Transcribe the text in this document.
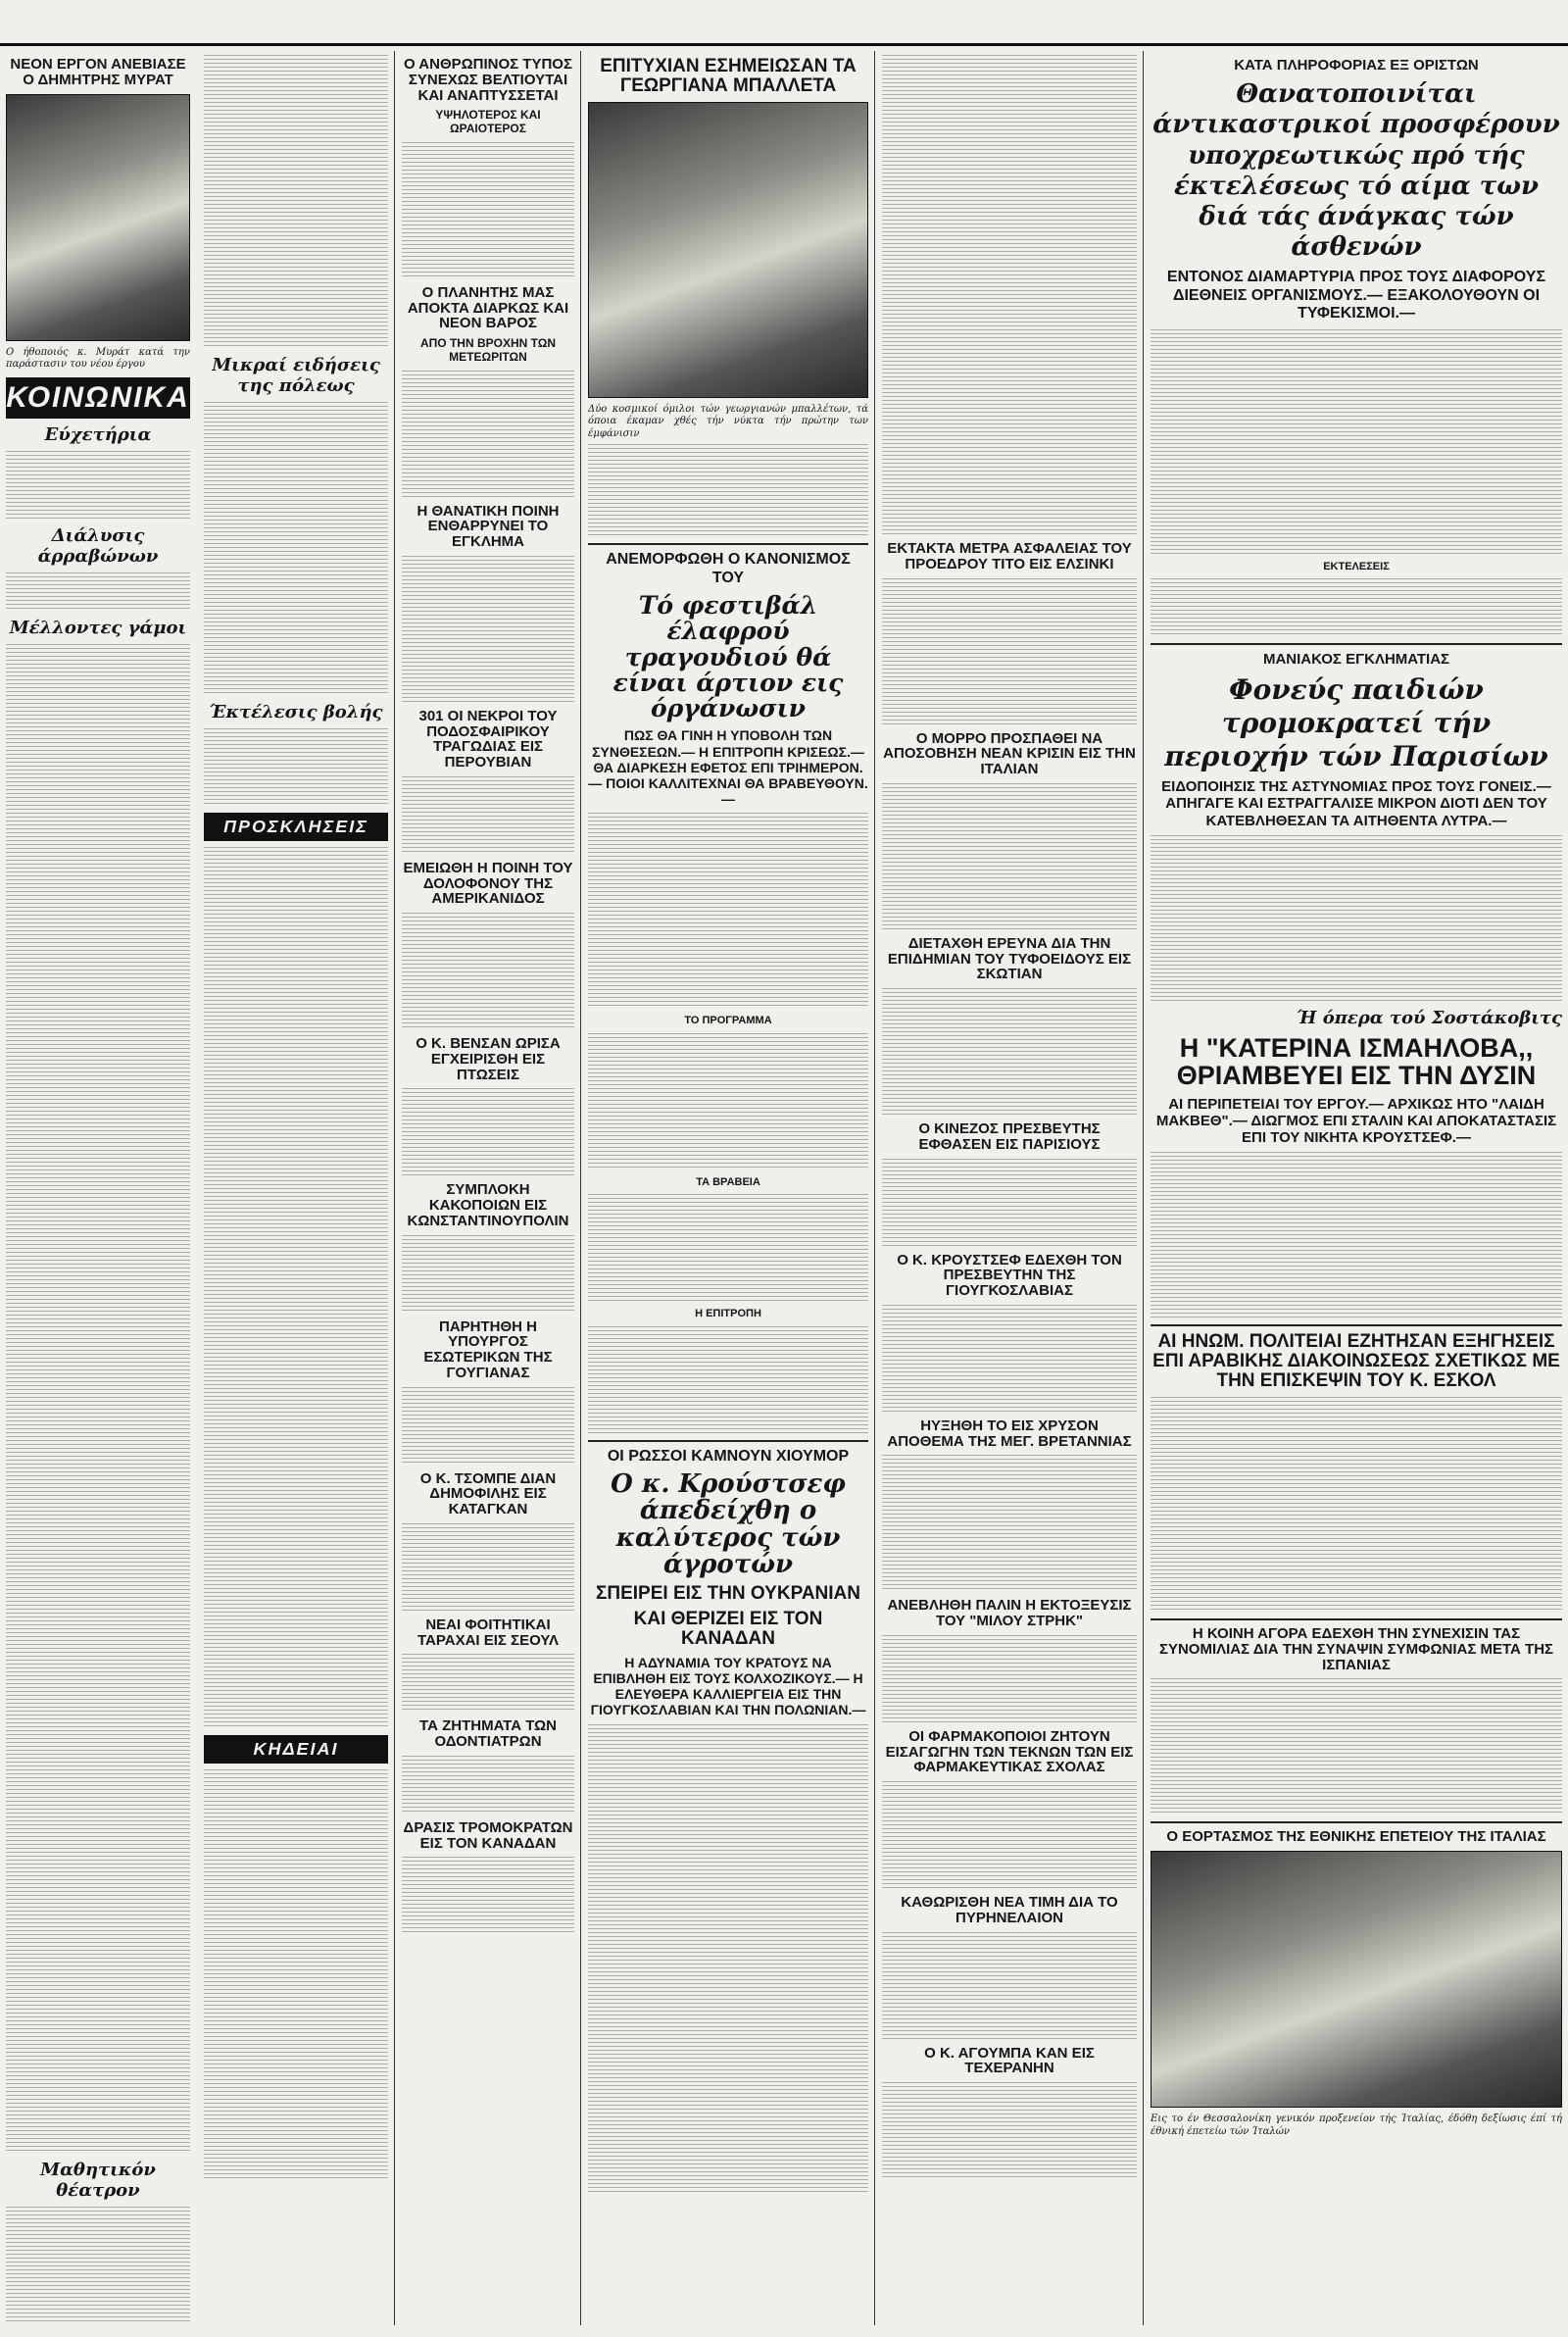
ΝΕΟΝ ΕΡΓΟΝ ΑΝΕΒΙΑΣΕ Ο ΔΗΜΗΤΡΗΣ ΜΥΡΑΤ
Ο ήθοποιός κ. Μυράτ κατά την παράστασιν του νέου έργου
ΚΟΙΝΩΝΙΚΑ
Εύχετήρια
Διάλυσις άρραβώνων
Μέλλοντες γάμοι
Μαθητικόν θέατρον
Μικραί ειδήσεις της πόλεως
Έκτέλεσις βολής
ΠΡΟΣΚΛΗΣΕΙΣ
ΚΗΔΕΙΑΙ
Ο ΑΝΘΡΩΠΙΝΟΣ ΤΥΠΟΣ ΣΥΝΕΧΩΣ ΒΕΛΤΙΟΥΤΑΙ ΚΑΙ ΑΝΑΠΤΥΣΣΕΤΑΙ
ΥΨΗΛΟΤΕΡΟΣ ΚΑΙ ΩΡΑΙΟΤΕΡΟΣ
Ο ΠΛΑΝΗΤΗΣ ΜΑΣ ΑΠΟΚΤΑ ΔΙΑΡΚΩΣ ΚΑΙ ΝΕΟΝ ΒΑΡΟΣ
ΑΠΟ ΤΗΝ ΒΡΟΧΗΝ ΤΩΝ ΜΕΤΕΩΡΙΤΩΝ
Η ΘΑΝΑΤΙΚΗ ΠΟΙΝΗ ΕΝΘΑΡΡΥΝΕΙ ΤΟ ΕΓΚΛΗΜΑ
301 ΟΙ ΝΕΚΡΟΙ ΤΟΥ ΠΟΔΟΣΦΑΙΡΙΚΟΥ ΤΡΑΓΩΔΙΑΣ ΕΙΣ ΠΕΡΟΥΒΙΑΝ
ΕΜΕΙΩΘΗ Η ΠΟΙΝΗ ΤΟΥ ΔΟΛΟΦΟΝΟΥ ΤΗΣ ΑΜΕΡΙΚΑΝΙΔΟΣ
Ο Κ. ΒΕΝΣΑΝ ΩΡΙΣΑ ΕΓΧΕΙΡΙΣΘΗ ΕΙΣ ΠΤΩΣΕΙΣ
ΣΥΜΠΛΟΚΗ ΚΑΚΟΠΟΙΩΝ ΕΙΣ ΚΩΝΣΤΑΝΤΙΝΟΥΠΟΛΙΝ
ΠΑΡΗΤΗΘΗ Η ΥΠΟΥΡΓΟΣ ΕΣΩΤΕΡΙΚΩΝ ΤΗΣ ΓΟΥΓΙΑΝΑΣ
Ο Κ. ΤΣΟΜΠΕ ΔΙΑΝ ΔΗΜΟΦΙΛΗΣ ΕΙΣ ΚΑΤΑΓΚΑΝ
ΝΕΑΙ ΦΟΙΤΗΤΙΚΑΙ ΤΑΡΑΧΑΙ ΕΙΣ ΣΕΟΥΛ
ΤΑ ΖΗΤΗΜΑΤΑ ΤΩΝ ΟΔΟΝΤΙΑΤΡΩΝ
ΔΡΑΣΙΣ ΤΡΟΜΟΚΡΑΤΩΝ ΕΙΣ ΤΟΝ ΚΑΝΑΔΑΝ
ΕΠΙΤΥΧΙΑΝ ΕΣΗΜΕΙΩΣΑΝ ΤΑ ΓΕΩΡΓΙΑΝΑ ΜΠΑΛΛΕΤΑ
Δύο κοσμικοί όμιλοι τών γεωργιανών μπαλλέτων, τά όποια έκαμαν χθές τήν νύκτα τήν πρώτην των έμφάνισιν
ΑΝΕΜΟΡΦΩΘΗ Ο ΚΑΝΟΝΙΣΜΟΣ ΤΟΥ
Τό φεστιβάλ έλαφρού τραγουδιού θά είναι άρτιον εις όργάνωσιν
ΠΩΣ ΘΑ ΓΙΝΗ Η ΥΠΟΒΟΛΗ ΤΩΝ ΣΥΝΘΕΣΕΩΝ.— Η ΕΠΙΤΡΟΠΗ ΚΡΙΣΕΩΣ.— ΘΑ ΔΙΑΡΚΕΣΗ ΕΦΕΤΟΣ ΕΠΙ ΤΡΙΗΜΕΡΟΝ.— ΠΟΙΟΙ ΚΑΛΛΙΤΕΧΝΑΙ ΘΑ ΒΡΑΒΕΥΘΟΥΝ.—
ΤΟ ΠΡΟΓΡΑΜΜΑ
ΤΑ ΒΡΑΒΕΙΑ
Η ΕΠΙΤΡΟΠΗ
ΟΙ ΡΩΣΣΟΙ ΚΑΜΝΟΥΝ ΧΙΟΥΜΟΡ
Ο κ. Κρούστσεφ άπεδείχθη ο καλύτερος τών άγροτών
ΣΠΕΙΡΕΙ ΕΙΣ ΤΗΝ ΟΥΚΡΑΝΙΑΝ
ΚΑΙ ΘΕΡΙΖΕΙ ΕΙΣ ΤΟΝ ΚΑΝΑΔΑΝ
Η ΑΔΥΝΑΜΙΑ ΤΟΥ ΚΡΑΤΟΥΣ ΝΑ ΕΠΙΒΛΗΘΗ ΕΙΣ ΤΟΥΣ ΚΟΛΧΟΖΙΚΟΥΣ.— Η ΕΛΕΥΘΕΡΑ ΚΑΛΛΙΕΡΓΕΙΑ ΕΙΣ ΤΗΝ ΓΙΟΥΓΚΟΣΛΑΒΙΑΝ ΚΑΙ ΤΗΝ ΠΟΛΩΝΙΑΝ.—
ΕΚΤΑΚΤΑ ΜΕΤΡΑ ΑΣΦΑΛΕΙΑΣ ΤΟΥ ΠΡΟΕΔΡΟΥ ΤΙΤΟ ΕΙΣ ΕΛΣΙΝΚΙ
Ο ΜΟΡΡΟ ΠΡΟΣΠΑΘΕΙ ΝΑ ΑΠΟΣΟΒΗΣΗ ΝΕΑΝ ΚΡΙΣΙΝ ΕΙΣ ΤΗΝ ΙΤΑΛΙΑΝ
ΔΙΕΤΑΧΘΗ ΕΡΕΥΝΑ ΔΙΑ ΤΗΝ ΕΠΙΔΗΜΙΑΝ ΤΟΥ ΤΥΦΟΕΙΔΟΥΣ ΕΙΣ ΣΚΩΤΙΑΝ
Ο ΚΙΝΕΖΟΣ ΠΡΕΣΒΕΥΤΗΣ ΕΦΘΑΣΕΝ ΕΙΣ ΠΑΡΙΣΙΟΥΣ
Ο Κ. ΚΡΟΥΣΤΣΕΦ ΕΔΕΧΘΗ ΤΟΝ ΠΡΕΣΒΕΥΤΗΝ ΤΗΣ ΓΙΟΥΓΚΟΣΛΑΒΙΑΣ
ΗΥΞΗΘΗ ΤΟ ΕΙΣ ΧΡΥΣΟΝ ΑΠΟΘΕΜΑ ΤΗΣ ΜΕΓ. ΒΡΕΤΑΝΝΙΑΣ
ΑΝΕΒΛΗΘΗ ΠΑΛΙΝ Η ΕΚΤΟΞΕΥΣΙΣ ΤΟΥ "ΜΙΛΟΥ ΣΤΡΗΚ"
ΟΙ ΦΑΡΜΑΚΟΠΟΙΟΙ ΖΗΤΟΥΝ ΕΙΣΑΓΩΓΗΝ ΤΩΝ ΤΕΚΝΩΝ ΤΩΝ ΕΙΣ ΦΑΡΜΑΚΕΥΤΙΚΑΣ ΣΧΟΛΑΣ
ΚΑΘΩΡΙΣΘΗ ΝΕΑ ΤΙΜΗ ΔΙΑ ΤΟ ΠΥΡΗΝΕΛΑΙΟΝ
Ο Κ. ΑΓΟΥΜΠΑ ΚΑΝ ΕΙΣ ΤΕΧΕΡΑΝΗΝ
ΚΑΤΑ ΠΛΗΡΟΦΟΡΙΑΣ ΕΞ ΟΡΙΣΤΩΝ
Θανατοποινίται άντικαστρικοί προσφέρουν υποχρεωτικώς πρό τής έκτελέσεως τό αίμα των διά τάς άνάγκας τών άσθενών
ΕΝΤΟΝΟΣ ΔΙΑΜΑΡΤΥΡΙΑ ΠΡΟΣ ΤΟΥΣ ΔΙΑΦΟΡΟΥΣ ΔΙΕΘΝΕΙΣ ΟΡΓΑΝΙΣΜΟΥΣ.— ΕΞΑΚΟΛΟΥΘΟΥΝ ΟΙ ΤΥΦΕΚΙΣΜΟΙ.—
ΕΚΤΕΛΕΣΕΙΣ
ΜΑΝΙΑΚΟΣ ΕΓΚΛΗΜΑΤΙΑΣ
Φονεύς παιδιών τρομοκρατεί τήν περιοχήν τών Παρισίων
ΕΙΔΟΠΟΙΗΣΙΣ ΤΗΣ ΑΣΤΥΝΟΜΙΑΣ ΠΡΟΣ ΤΟΥΣ ΓΟΝΕΙΣ.— ΑΠΗΓΑΓΕ ΚΑΙ ΕΣΤΡΑΓΓΑΛΙΣΕ ΜΙΚΡΟΝ ΔΙΟΤΙ ΔΕΝ ΤΟΥ ΚΑΤΕΒΛΗΘΕΣΑΝ ΤΑ ΑΙΤΗΘΕΝΤΑ ΛΥΤΡΑ.—
Ή όπερα τού Σοστάκοβιτς
Η "ΚΑΤΕΡΙΝΑ ΙΣΜΑΗΛΟΒΑ,, ΘΡΙΑΜΒΕΥΕΙ ΕΙΣ ΤΗΝ ΔΥΣΙΝ
ΑΙ ΠΕΡΙΠΕΤΕΙΑΙ ΤΟΥ ΕΡΓΟΥ.— ΑΡΧΙΚΩΣ ΗΤΟ "ΛΑΙΔΗ ΜΑΚΒΕΘ".— ΔΙΩΓΜΟΣ ΕΠΙ ΣΤΑΛΙΝ ΚΑΙ ΑΠΟΚΑΤΑΣΤΑΣΙΣ ΕΠΙ ΤΟΥ ΝΙΚΗΤΑ ΚΡΟΥΣΤΣΕΦ.—
ΑΙ ΗΝΩΜ. ΠΟΛΙΤΕΙΑΙ ΕΖΗΤΗΣΑΝ ΕΞΗΓΗΣΕΙΣ ΕΠΙ ΑΡΑΒΙΚΗΣ ΔΙΑΚΟΙΝΩΣΕΩΣ ΣΧΕΤΙΚΩΣ ΜΕ ΤΗΝ ΕΠΙΣΚΕΨΙΝ ΤΟΥ Κ. ΕΣΚΟΛ
Η ΚΟΙΝΗ ΑΓΟΡΑ ΕΔΕΧΘΗ ΤΗΝ ΣΥΝΕΧΙΣΙΝ ΤΑΣ ΣΥΝΟΜΙΛΙΑΣ ΔΙΑ ΤΗΝ ΣΥΝΑΨΙΝ ΣΥΜΦΩΝΙΑΣ ΜΕΤΑ ΤΗΣ ΙΣΠΑΝΙΑΣ
Ο ΕΟΡΤΑΣΜΟΣ ΤΗΣ ΕΘΝΙΚΗΣ ΕΠΕΤΕΙΟΥ ΤΗΣ ΙΤΑΛΙΑΣ
Εις το έν Θεσσαλονίκη γενικόν προξενείον τής Ίταλίας, έδόθη δεξίωσις έπί τή έθνική έπετείω τών Ίταλών
